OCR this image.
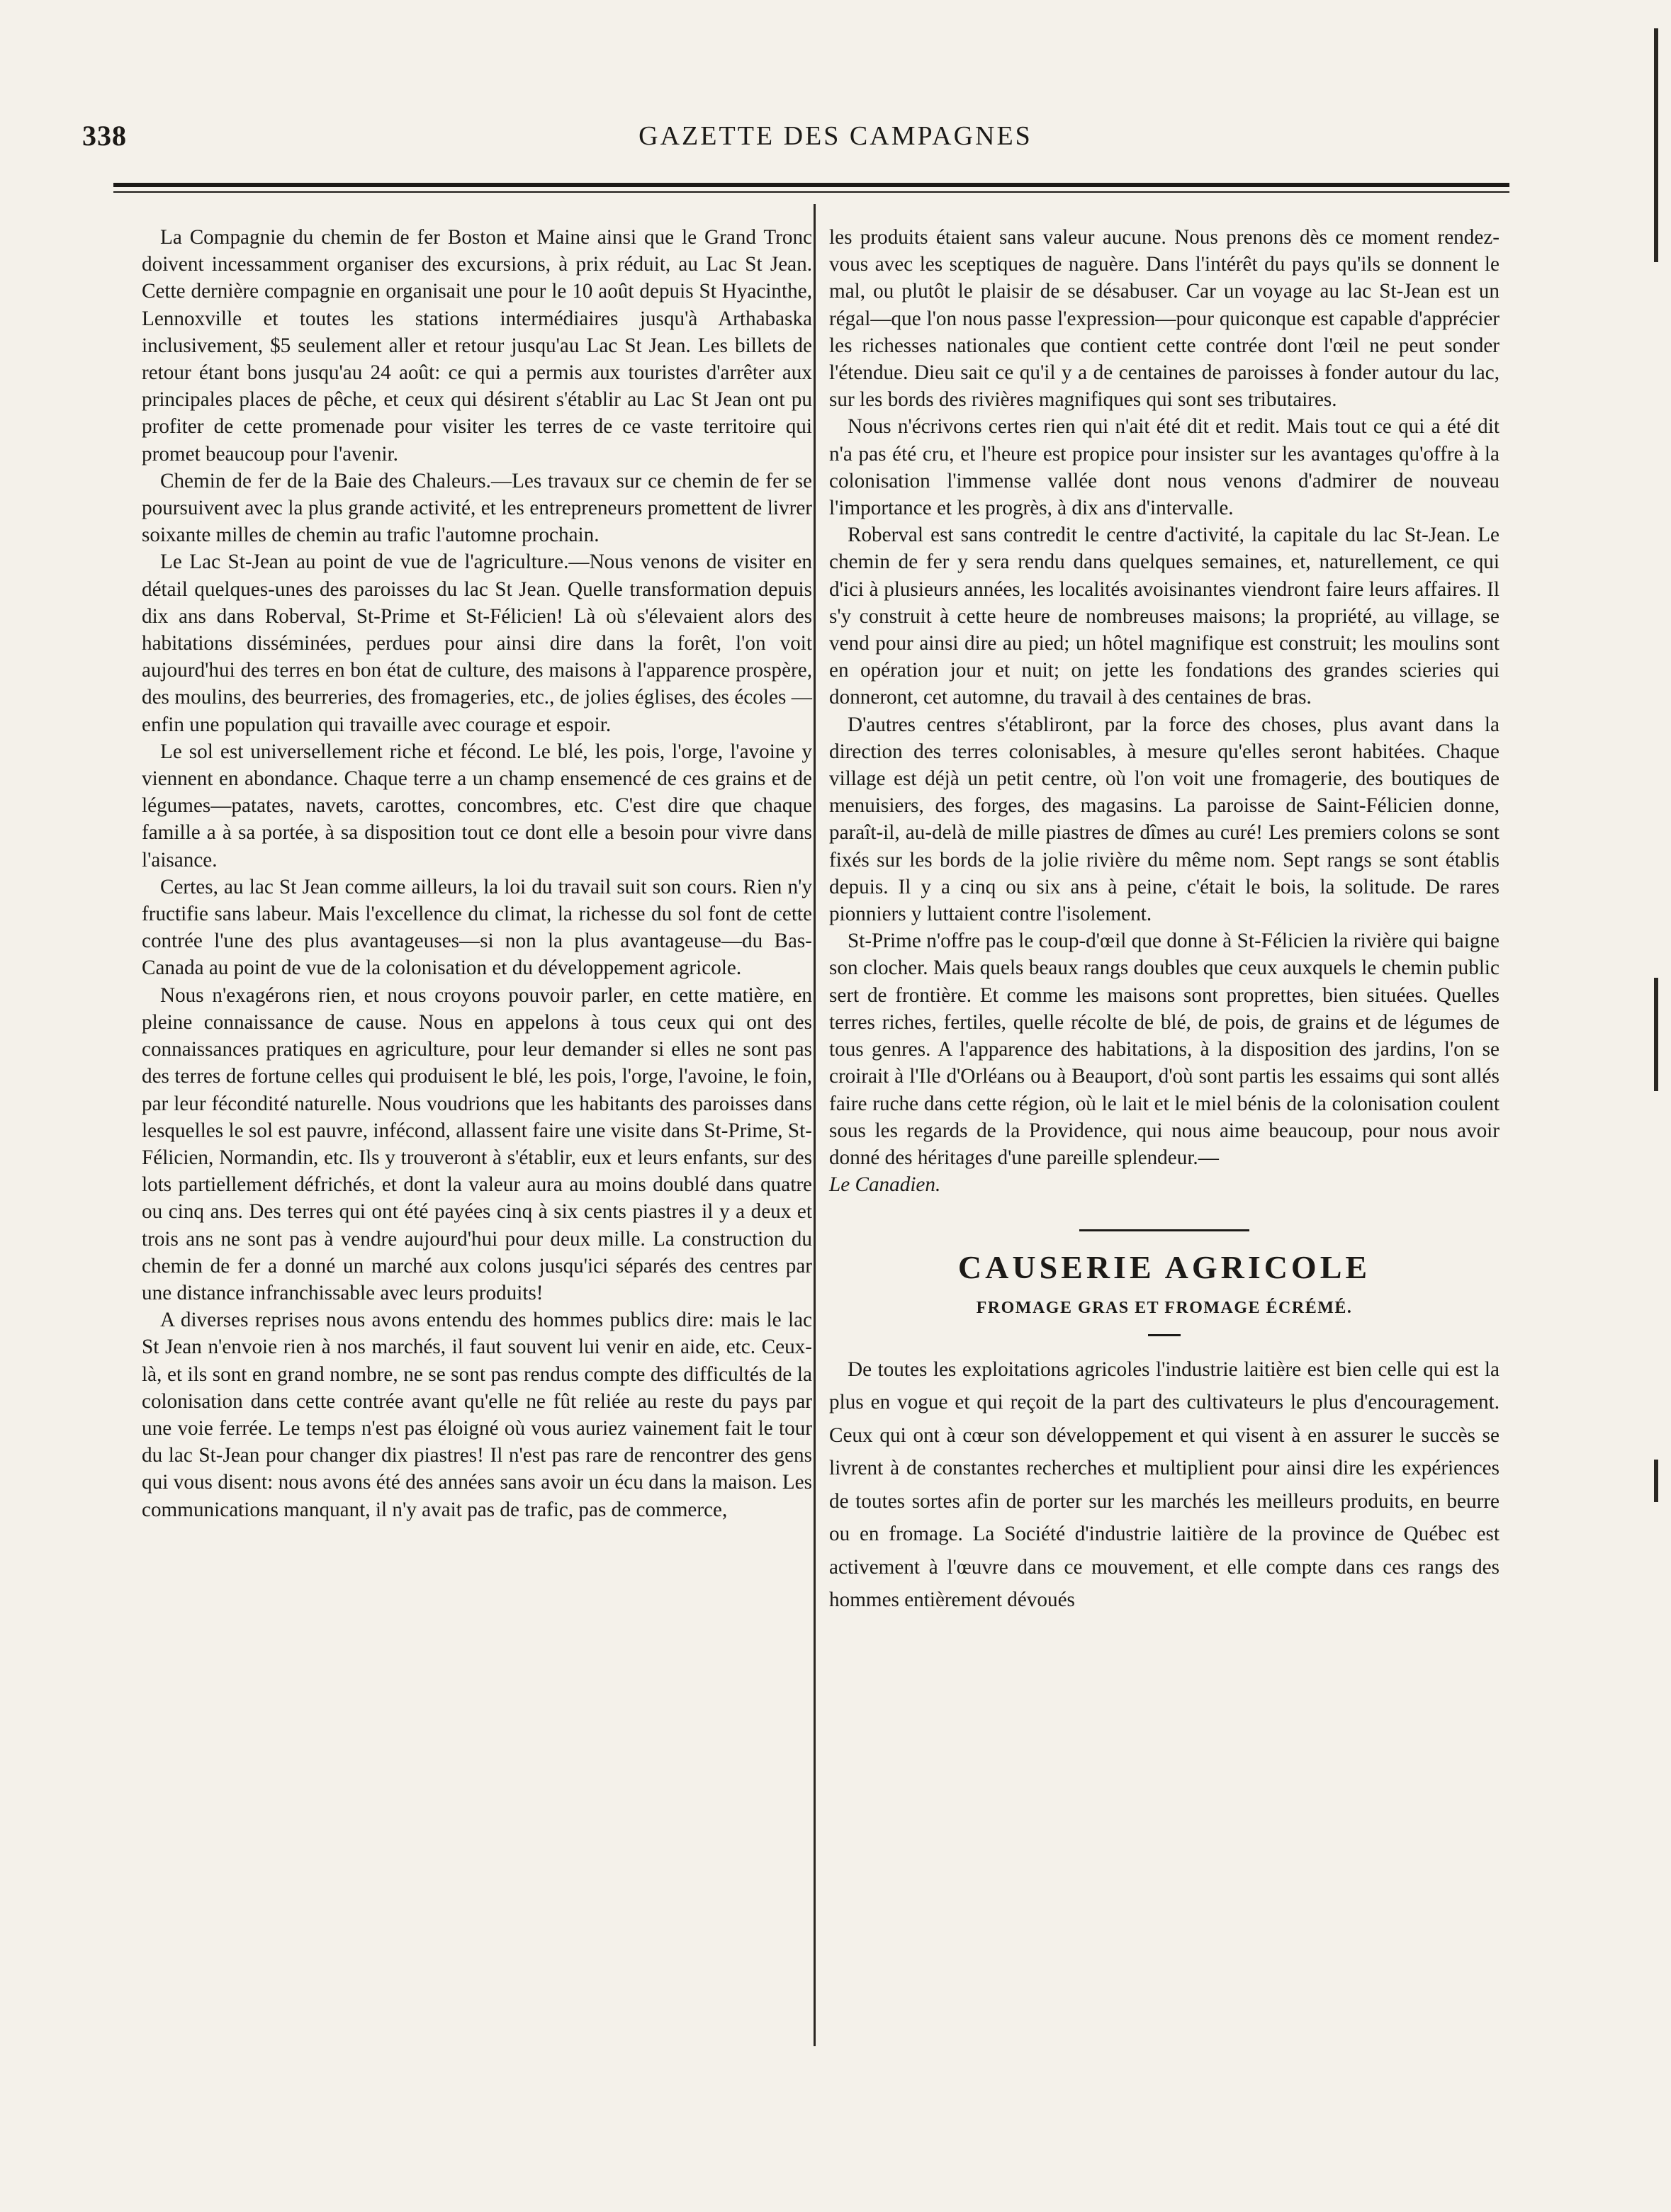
338	GAZETTE DES CAMPAGNES

La Compagnie du chemin de fer Boston et Maine ainsi que le Grand Tronc doivent incessamment organiser des excursions, à prix réduit, au Lac St Jean. Cette dernière compagnie en organisait une pour le 10 août depuis St Hyacinthe, Lennoxville et toutes les stations intermédiaires jusqu'à Arthabaska inclusivement, $5 seulement aller et retour jusqu'au Lac St Jean. Les billets de retour étant bons jusqu'au 24 août: ce qui a permis aux touristes d'arrêter aux principales places de pêche, et ceux qui désirent s'établir au Lac St Jean ont pu profiter de cette promenade pour visiter les terres de ce vaste territoire qui promet beaucoup pour l'avenir.

Chemin de fer de la Baie des Chaleurs.—Les travaux sur ce chemin de fer se poursuivent avec la plus grande activité, et les entrepreneurs promettent de livrer soixante milles de chemin au trafic l'automne prochain.

Le Lac St-Jean au point de vue de l'agriculture.—Nous venons de visiter en détail quelques-unes des paroisses du lac St Jean. Quelle transformation depuis dix ans dans Roberval, St-Prime et St-Félicien! Là où s'élevaient alors des habitations disséminées, perdues pour ainsi dire dans la forêt, l'on voit aujourd'hui des terres en bon état de culture, des maisons à l'apparence prospère, des moulins, des beurreries, des fromageries, etc., de jolies églises, des écoles —enfin une population qui travaille avec courage et espoir.

Le sol est universellement riche et fécond. Le blé, les pois, l'orge, l'avoine y viennent en abondance. Chaque terre a un champ ensemencé de ces grains et de légumes—patates, navets, carottes, concombres, etc. C'est dire que chaque famille a à sa portée, à sa disposition tout ce dont elle a besoin pour vivre dans l'aisance.

Certes, au lac St Jean comme ailleurs, la loi du travail suit son cours. Rien n'y fructifie sans labeur. Mais l'excellence du climat, la richesse du sol font de cette contrée l'une des plus avantageuses—si non la plus avantageuse—du Bas-Canada au point de vue de la colonisation et du développement agricole.

Nous n'exagérons rien, et nous croyons pouvoir parler, en cette matière, en pleine connaissance de cause. Nous en appelons à tous ceux qui ont des connaissances pratiques en agriculture, pour leur demander si elles ne sont pas des terres de fortune celles qui produisent le blé, les pois, l'orge, l'avoine, le foin, par leur fécondité naturelle. Nous voudrions que les habitants des paroisses dans lesquelles le sol est pauvre, infécond, allassent faire une visite dans St-Prime, St-Félicien, Normandin, etc. Ils y trouveront à s'établir, eux et leurs enfants, sur des lots partiellement défrichés, et dont la valeur aura au moins doublé dans quatre ou cinq ans. Des terres qui ont été payées cinq à six cents piastres il y a deux et trois ans ne sont pas à vendre aujourd'hui pour deux mille. La construction du chemin de fer a donné un marché aux colons jusqu'ici séparés des centres par une distance infranchissable avec leurs produits!

A diverses reprises nous avons entendu des hommes publics dire: mais le lac St Jean n'envoie rien à nos marchés, il faut souvent lui venir en aide, etc. Ceux-là, et ils sont en grand nombre, ne se sont pas rendus compte des difficultés de la colonisation dans cette contrée avant qu'elle ne fût reliée au reste du pays par une voie ferrée. Le temps n'est pas éloigné où vous auriez vainement fait le tour du lac St-Jean pour changer dix piastres! Il n'est pas rare de rencontrer des gens qui vous disent: nous avons été des années sans avoir un écu dans la maison. Les communications manquant, il n'y avait pas de trafic, pas de commerce,

les produits étaient sans valeur aucune. Nous prenons dès ce moment rendez-vous avec les sceptiques de naguère. Dans l'intérêt du pays qu'ils se donnent le mal, ou plutôt le plaisir de se désabuser. Car un voyage au lac St-Jean est un régal—que l'on nous passe l'expression—pour quiconque est capable d'apprécier les richesses nationales que contient cette contrée dont l'œil ne peut sonder l'étendue. Dieu sait ce qu'il y a de centaines de paroisses à fonder autour du lac, sur les bords des rivières magnifiques qui sont ses tributaires.

Nous n'écrivons certes rien qui n'ait été dit et redit. Mais tout ce qui a été dit n'a pas été cru, et l'heure est propice pour insister sur les avantages qu'offre à la colonisation l'immense vallée dont nous venons d'admirer de nouveau l'importance et les progrès, à dix ans d'intervalle.

Roberval est sans contredit le centre d'activité, la capitale du lac St-Jean. Le chemin de fer y sera rendu dans quelques semaines, et, naturellement, ce qui d'ici à plusieurs années, les localités avoisinantes viendront faire leurs affaires. Il s'y construit à cette heure de nombreuses maisons; la propriété, au village, se vend pour ainsi dire au pied; un hôtel magnifique est construit; les moulins sont en opération jour et nuit; on jette les fondations des grandes scieries qui donneront, cet automne, du travail à des centaines de bras.

D'autres centres s'établiront, par la force des choses, plus avant dans la direction des terres colonisables, à mesure qu'elles seront habitées. Chaque village est déjà un petit centre, où l'on voit une fromagerie, des boutiques de menuisiers, des forges, des magasins. La paroisse de Saint-Félicien donne, paraît-il, au-delà de mille piastres de dîmes au curé! Les premiers colons se sont fixés sur les bords de la jolie rivière du même nom. Sept rangs se sont établis depuis. Il y a cinq ou six ans à peine, c'était le bois, la solitude. De rares pionniers y luttaient contre l'isolement.

St-Prime n'offre pas le coup-d'œil que donne à St-Félicien la rivière qui baigne son clocher. Mais quels beaux rangs doubles que ceux auxquels le chemin public sert de frontière. Et comme les maisons sont proprettes, bien situées. Quelles terres riches, fertiles, quelle récolte de blé, de pois, de grains et de légumes de tous genres. A l'apparence des habitations, à la disposition des jardins, l'on se croirait à l'Ile d'Orléans ou à Beauport, d'où sont partis les essaims qui sont allés faire ruche dans cette région, où le lait et le miel bénis de la colonisation coulent sous les regards de la Providence, qui nous aime beaucoup, pour nous avoir donné des héritages d'une pareille splendeur.—

Le Canadien.

CAUSERIE AGRICOLE
FROMAGE GRAS ET FROMAGE ÉCRÉMÉ.

De toutes les exploitations agricoles l'industrie laitière est bien celle qui est la plus en vogue et qui reçoit de la part des cultivateurs le plus d'encouragement. Ceux qui ont à cœur son développement et qui visent à en assurer le succès se livrent à de constantes recherches et multiplient pour ainsi dire les expériences de toutes sortes afin de porter sur les marchés les meilleurs produits, en beurre ou en fromage. La Société d'industrie laitière de la province de Québec est activement à l'œuvre dans ce mouvement, et elle compte dans ces rangs des hommes entièrement dévoués
